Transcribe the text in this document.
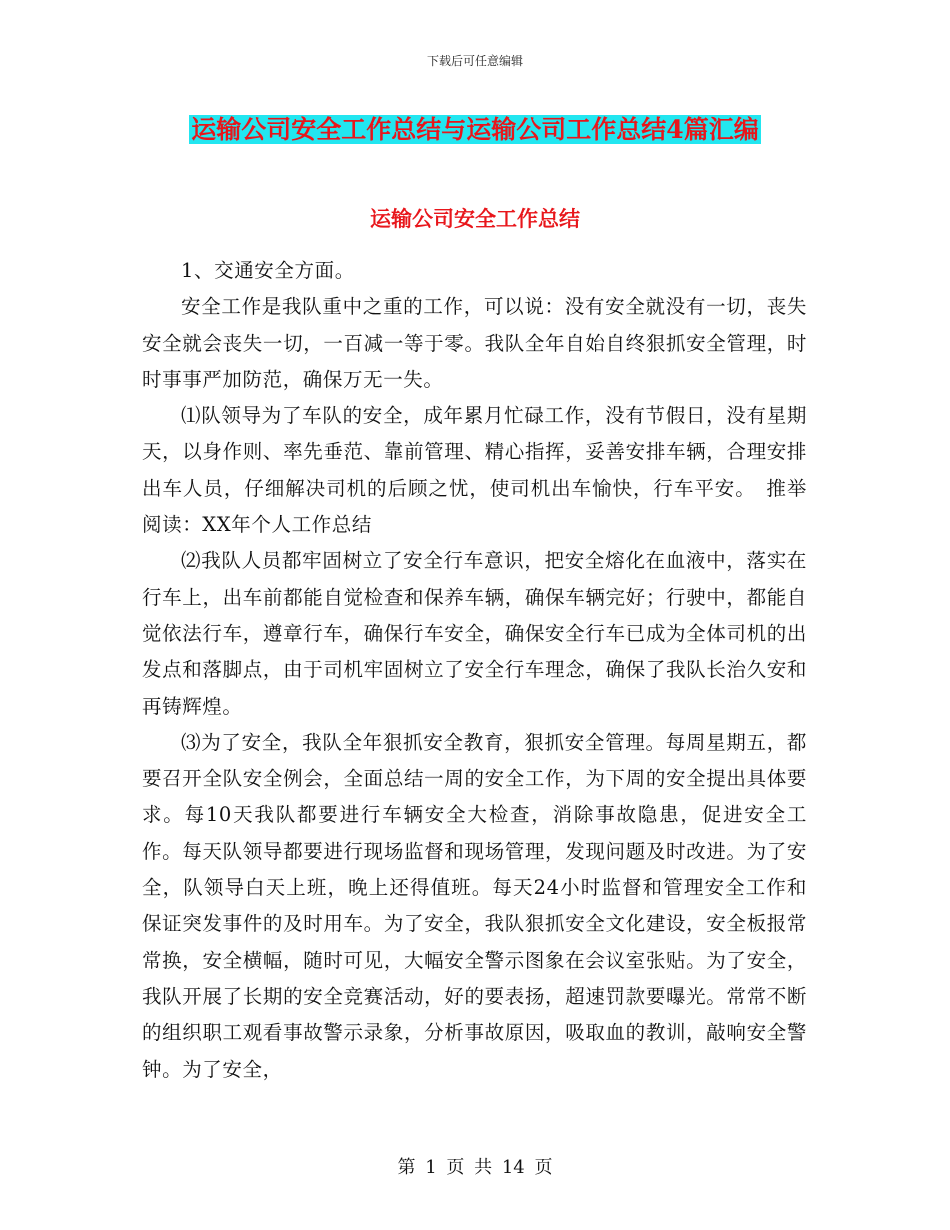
下载后可任意编辑
运输公司安全工作总结与运输公司工作总结4篇汇编
运输公司安全工作总结

1、交通安全方面。

安全工作是我队重中之重的工作，可以说：没有安全就没有一切，丧失安全就会丧失一切，一百减一等于零。我队全年自始自终狠抓安全管理，时时事事严加防范，确保万无一失。

⑴队领导为了车队的安全，成年累月忙碌工作，没有节假日，没有星期天，以身作则、率先垂范、靠前管理、精心指挥，妥善安排车辆，合理安排出车人员，仔细解决司机的后顾之忧，使司机出车愉快，行车平安。　推举阅读：XX年个人工作总结

⑵我队人员都牢固树立了安全行车意识，把安全熔化在血液中，落实在行车上，出车前都能自觉检查和保养车辆，确保车辆完好；行驶中，都能自觉依法行车，遵章行车，确保行车安全，确保安全行车已成为全体司机的出发点和落脚点，由于司机牢固树立了安全行车理念，确保了我队长治久安和再铸辉煌。

⑶为了安全，我队全年狠抓安全教育，狠抓安全管理。每周星期五，都要召开全队安全例会，全面总结一周的安全工作，为下周的安全提出具体要求。每10天我队都要进行车辆安全大检查，消除事故隐患，促进安全工作。每天队领导都要进行现场监督和现场管理，发现问题及时改进。为了安全，队领导白天上班，晚上还得值班。每天24小时监督和管理安全工作和保证突发事件的及时用车。为了安全，我队狠抓安全文化建设，安全板报常常换，安全横幅，随时可见，大幅安全警示图象在会议室张贴。为了安全，我队开展了长期的安全竞赛活动，好的要表扬，超速罚款要曝光。常常不断的组织职工观看事故警示录象，分析事故原因，吸取血的教训，敲响安全警钟。为了安全，

第 1 页 共 14 页
